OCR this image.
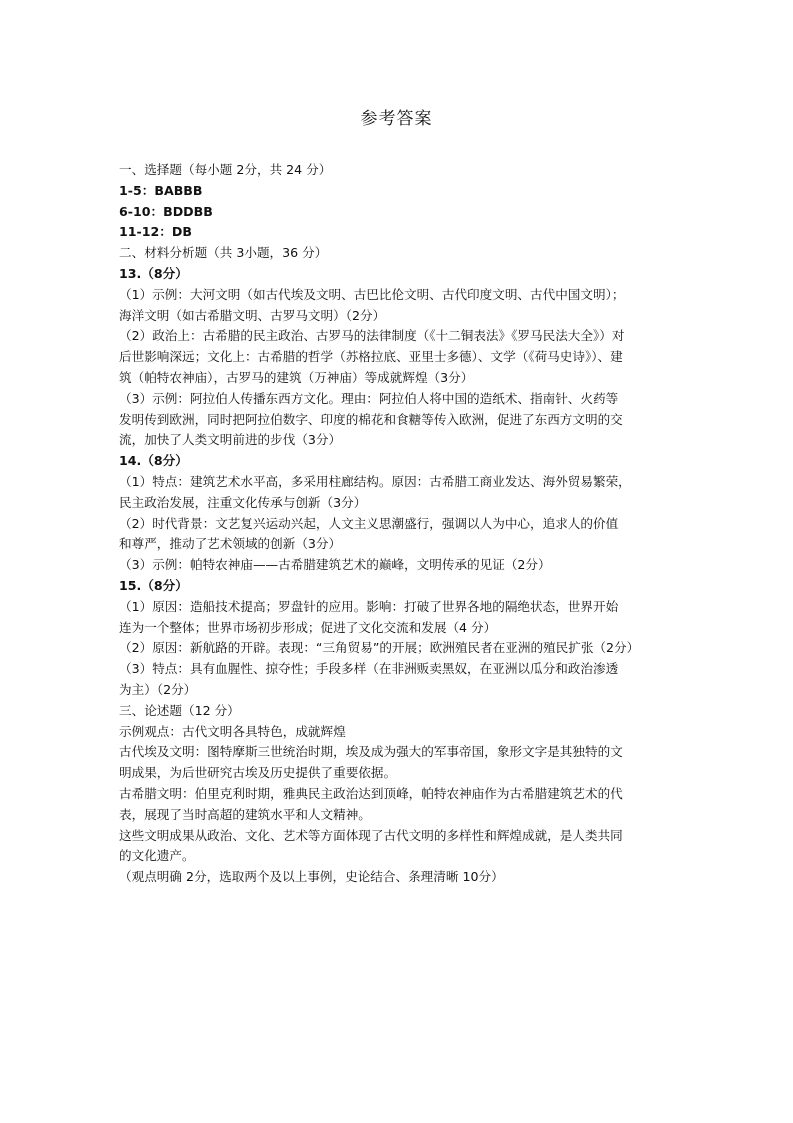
参考答案
一、选择题（每小题 2分，共 24 分）
1-5：BABBB
6-10：BDDBB
11-12：DB
二、材料分析题（共 3小题，36 分）
13.（8分）
（1）示例：大河文明（如古代埃及文明、古巴比伦文明、古代印度文明、古代中国文明）；
海洋文明（如古希腊文明、古罗马文明）（2分）
（2）政治上：古希腊的民主政治、古罗马的法律制度（《十二铜表法》《罗马民法大全》）对
后世影响深远；文化上：古希腊的哲学（苏格拉底、亚里士多德）、文学（《荷马史诗》）、建
筑（帕特农神庙），古罗马的建筑（万神庙）等成就辉煌（3分）
（3）示例：阿拉伯人传播东西方文化。理由：阿拉伯人将中国的造纸术、指南针、火药等
发明传到欧洲，同时把阿拉伯数字、印度的棉花和食糖等传入欧洲，促进了东西方文明的交
流，加快了人类文明前进的步伐（3分）
14.（8分）
（1）特点：建筑艺术水平高，多采用柱廊结构。原因：古希腊工商业发达、海外贸易繁荣，
民主政治发展，注重文化传承与创新（3分）
（2）时代背景：文艺复兴运动兴起，人文主义思潮盛行，强调以人为中心，追求人的价值
和尊严，推动了艺术领域的创新（3分）
（3）示例：帕特农神庙——古希腊建筑艺术的巅峰，文明传承的见证（2分）
15.（8分）
（1）原因：造船技术提高；罗盘针的应用。影响：打破了世界各地的隔绝状态，世界开始
连为一个整体；世界市场初步形成；促进了文化交流和发展（4 分）
（2）原因：新航路的开辟。表现：“三角贸易”的开展；欧洲殖民者在亚洲的殖民扩张（2分）
（3）特点：具有血腥性、掠夺性；手段多样（在非洲贩卖黑奴，在亚洲以瓜分和政治渗透
为主）（2分）
三、论述题（12 分）
示例观点：古代文明各具特色，成就辉煌
古代埃及文明：图特摩斯三世统治时期，埃及成为强大的军事帝国，象形文字是其独特的文
明成果，为后世研究古埃及历史提供了重要依据。
古希腊文明：伯里克利时期，雅典民主政治达到顶峰，帕特农神庙作为古希腊建筑艺术的代
表，展现了当时高超的建筑水平和人文精神。
这些文明成果从政治、文化、艺术等方面体现了古代文明的多样性和辉煌成就，是人类共同
的文化遗产。
（观点明确 2分，选取两个及以上事例，史论结合、条理清晰 10分）
